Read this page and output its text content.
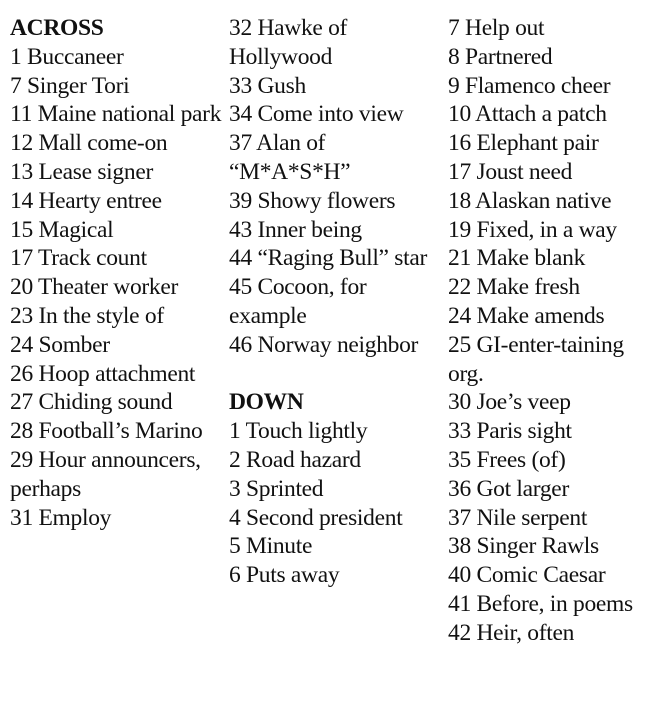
ACROSS
1 Buccaneer
7 Singer Tori
11 Maine national park
12 Mall come-on
13 Lease signer
14 Hearty entree
15 Magical
17 Track count
20 Theater worker
23 In the style of
24 Somber
26 Hoop attachment
27 Chiding sound
28 Football’s Marino
29 Hour announcers, perhaps
31 Employ
32 Hawke of Hollywood
33 Gush
34 Come into view
37 Alan of “M*A*S*H”
39 Showy flowers
43 Inner being
44 “Raging Bull” star
45 Cocoon, for example
46 Norway neighbor
DOWN
1 Touch lightly
2 Road hazard
3 Sprinted
4 Second president
5 Minute
6 Puts away
7 Help out
8 Partnered
9 Flamenco cheer
10 Attach a patch
16 Elephant pair
17 Joust need
18 Alaskan native
19 Fixed, in a way
21 Make blank
22 Make fresh
24 Make amends
25 GI-enter-taining org.
30 Joe’s veep
33 Paris sight
35 Frees (of)
36 Got larger
37 Nile serpent
38 Singer Rawls
40 Comic Caesar
41 Before, in poems
42 Heir, often
